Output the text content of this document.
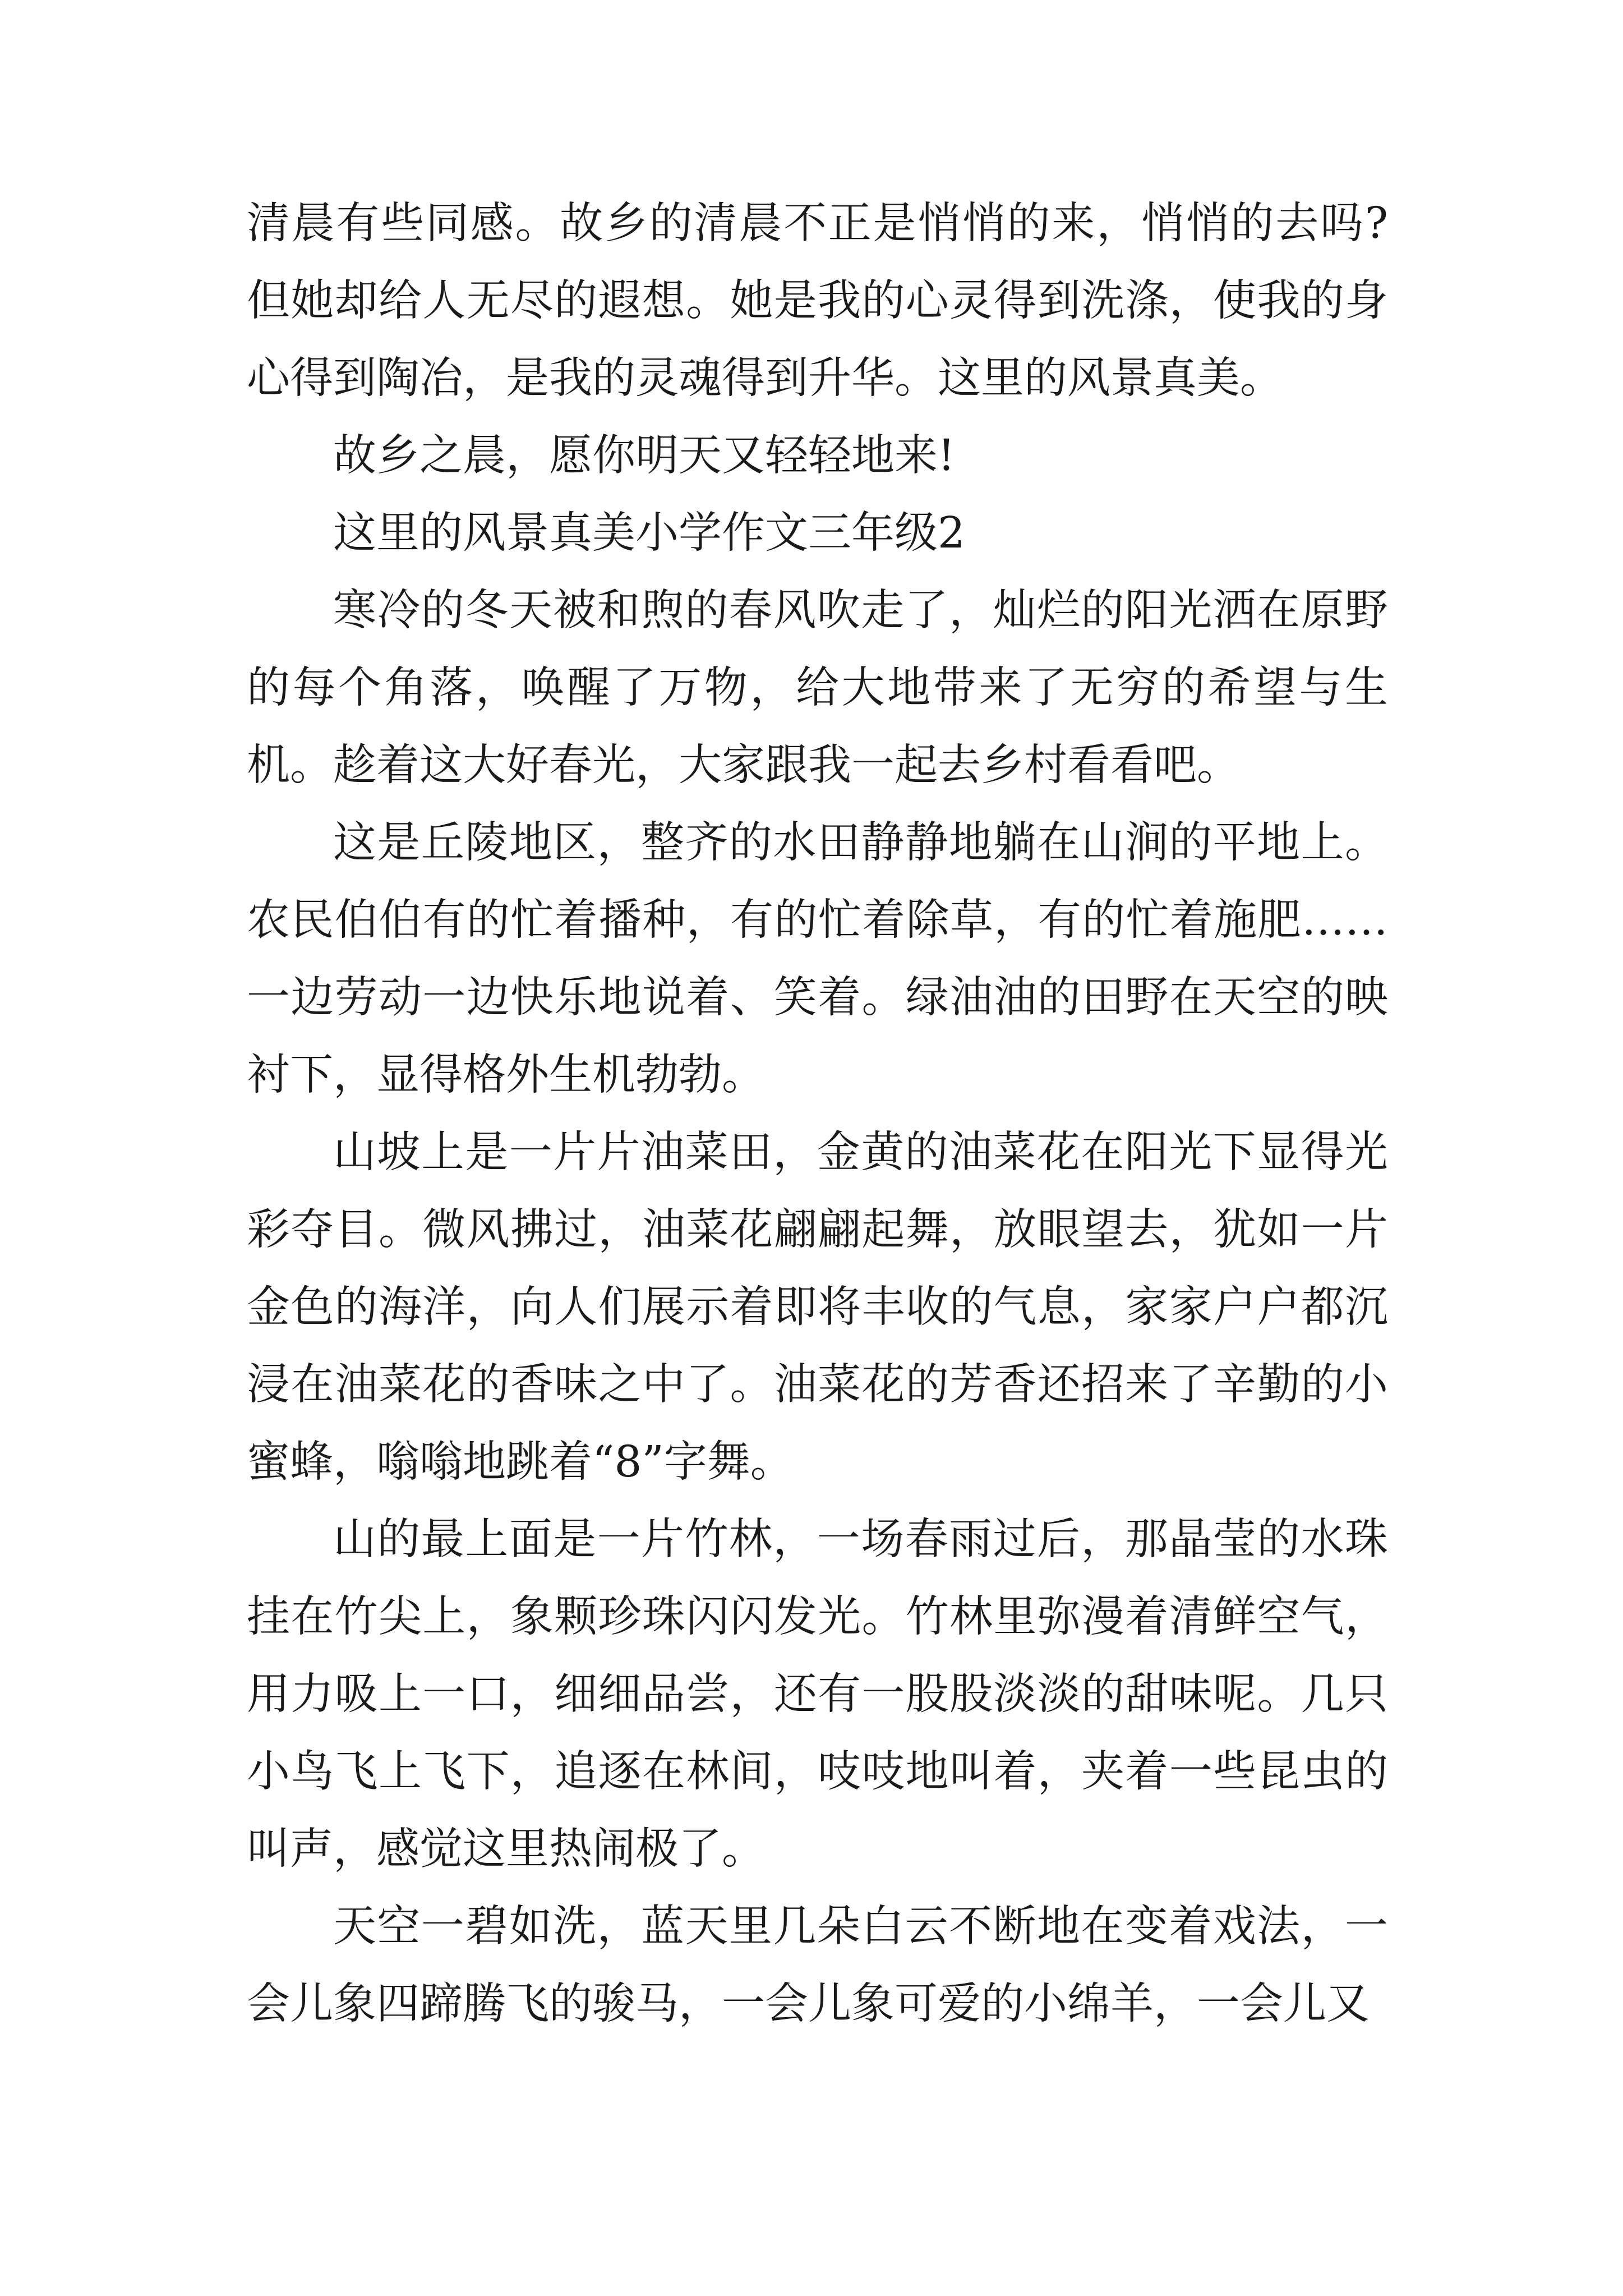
清晨有些同感。故乡的清晨不正是悄悄的来，悄悄的去吗?但她却给人无尽的遐想。她是我的心灵得到洗涤，使我的身心得到陶冶，是我的灵魂得到升华。这里的风景真美。

故乡之晨，愿你明天又轻轻地来!

这里的风景真美小学作文三年级2

寒冷的冬天被和煦的春风吹走了，灿烂的阳光洒在原野的每个角落，唤醒了万物，给大地带来了无穷的希望与生机。趁着这大好春光，大家跟我一起去乡村看看吧。

这是丘陵地区，整齐的水田静静地躺在山涧的平地上。农民伯伯有的忙着播种，有的忙着除草，有的忙着施肥……一边劳动一边快乐地说着、笑着。绿油油的田野在天空的映衬下，显得格外生机勃勃。

山坡上是一片片油菜田，金黄的油菜花在阳光下显得光彩夺目。微风拂过，油菜花翩翩起舞，放眼望去，犹如一片金色的海洋，向人们展示着即将丰收的气息，家家户户都沉浸在油菜花的香味之中了。油菜花的芳香还招来了辛勤的小蜜蜂，嗡嗡地跳着“8”字舞。

山的最上面是一片竹林，一场春雨过后，那晶莹的水珠挂在竹尖上，象颗珍珠闪闪发光。竹林里弥漫着清鲜空气，用力吸上一口，细细品尝，还有一股股淡淡的甜味呢。几只小鸟飞上飞下，追逐在林间，吱吱地叫着，夹着一些昆虫的叫声，感觉这里热闹极了。

天空一碧如洗，蓝天里几朵白云不断地在变着戏法，一会儿象四蹄腾飞的骏马，一会儿象可爱的小绵羊，一会儿又
